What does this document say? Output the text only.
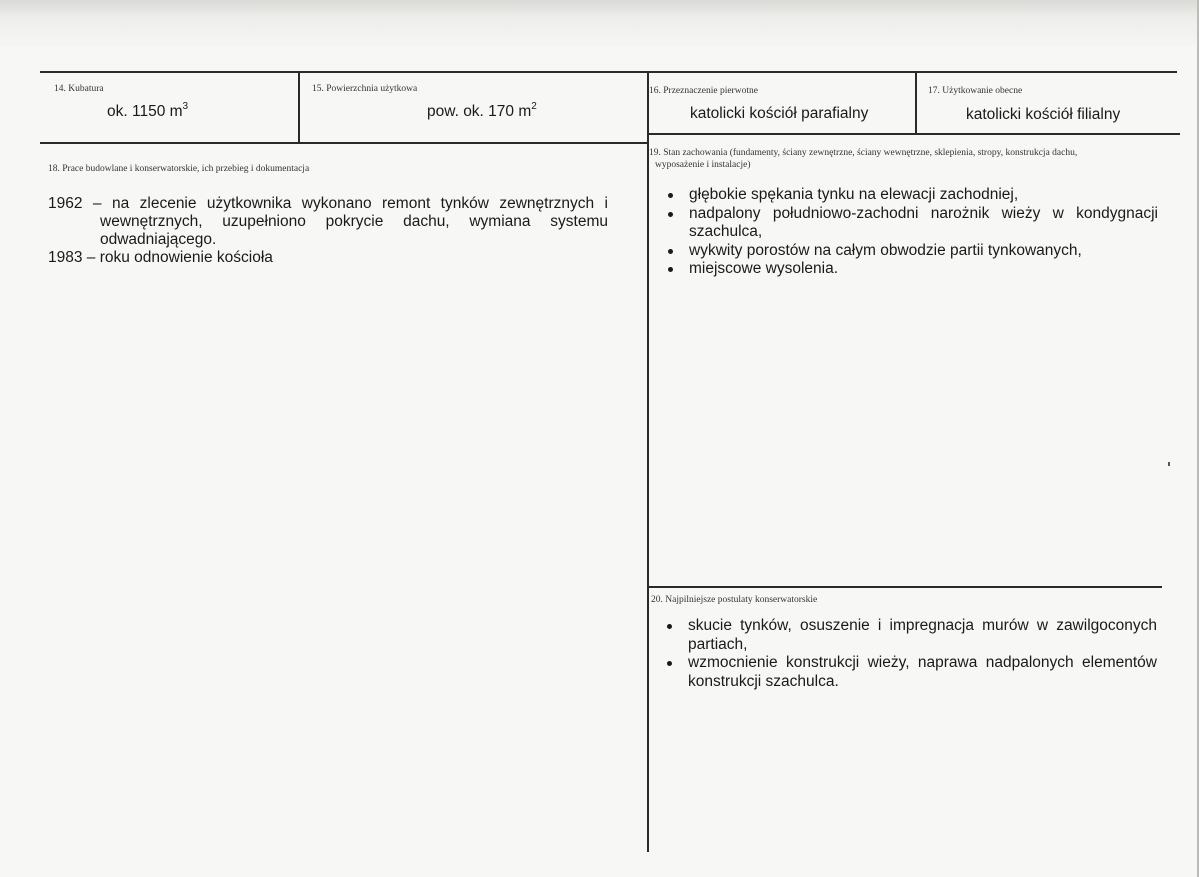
14. Kubatura
ok. 1150 $m^3$
15. Powierzchnia użytkowa
pow. ok. 170 $m^2$
16. Przeznaczenie pierwotne
katolicki kościół parafialny
17. Użytkowanie obecne
katolicki kościół filialny
18. Prace budowlane i konserwatorskie, ich przebieg i dokumentacja
1962 – na zlecenie użytkownika wykonano remont tynków zewnętrznych i wewnętrznych, uzupełniono pokrycie dachu, wymiana systemu odwadniającego.
1983 – roku odnowienie kościoła
19. Stan zachowania (fundamenty, ściany zewnętrzne, ściany wewnętrzne, sklepienia, stropy, konstrukcja dachu,
wyposażenie i instalacje)
głębokie spękania tynku na elewacji zachodniej,
nadpalony południowo-zachodni narożnik wieży w kondygnacji szachulca,
wykwity porostów na całym obwodzie partii tynkowanych,
miejscowe wysolenia.
20. Najpilniejsze postulaty konserwatorskie
skucie tynków, osuszenie i impregnacja murów w zawilgoconych partiach,
wzmocnienie konstrukcji wieży, naprawa nadpalonych elementów konstrukcji szachulca.
